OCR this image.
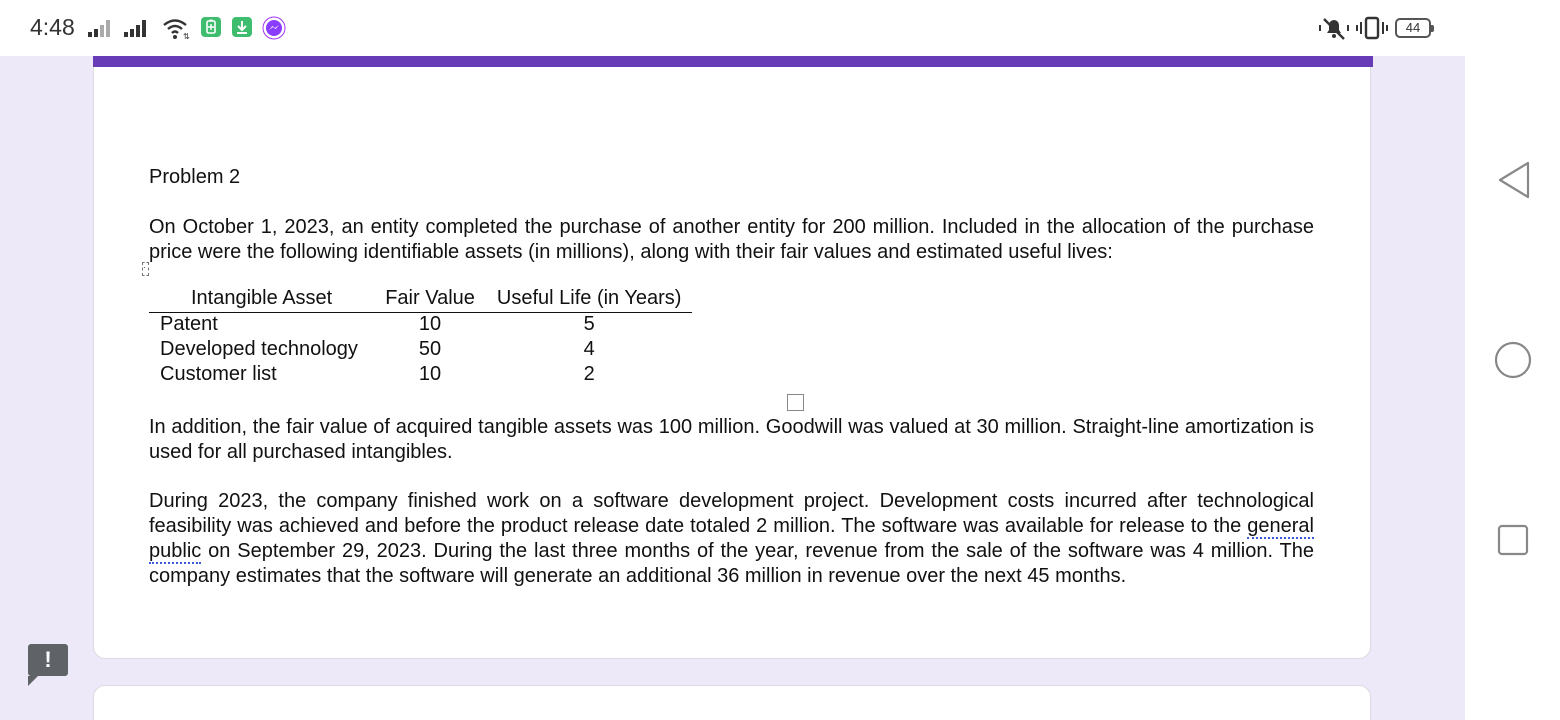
4:48	⇅
44
Problem 2
On October 1, 2023, an entity completed the purchase of another entity for 200 million. Included in the allocation of the purchase price were the following identifiable assets (in millions), along with their fair values and estimated useful lives:
·
Intangible Asset	Fair Value	Useful Life (in Years)
Patent	10	5
Developed technology	50	4
Customer list	10	2
In addition, the fair value of acquired tangible assets was 100 million. Goodwill was valued at 30 million. Straight-line amortization is used for all purchased intangibles.
During 2023, the company finished work on a software development project. Development costs incurred after technological feasibility was achieved and before the product release date totaled 2 million. The software was available for release to the general public on September 29, 2023. During the last three months of the year, revenue from the sale of the software was 4 million. The company estimates that the software will generate an additional 36 million in revenue over the next 45 months.
!
